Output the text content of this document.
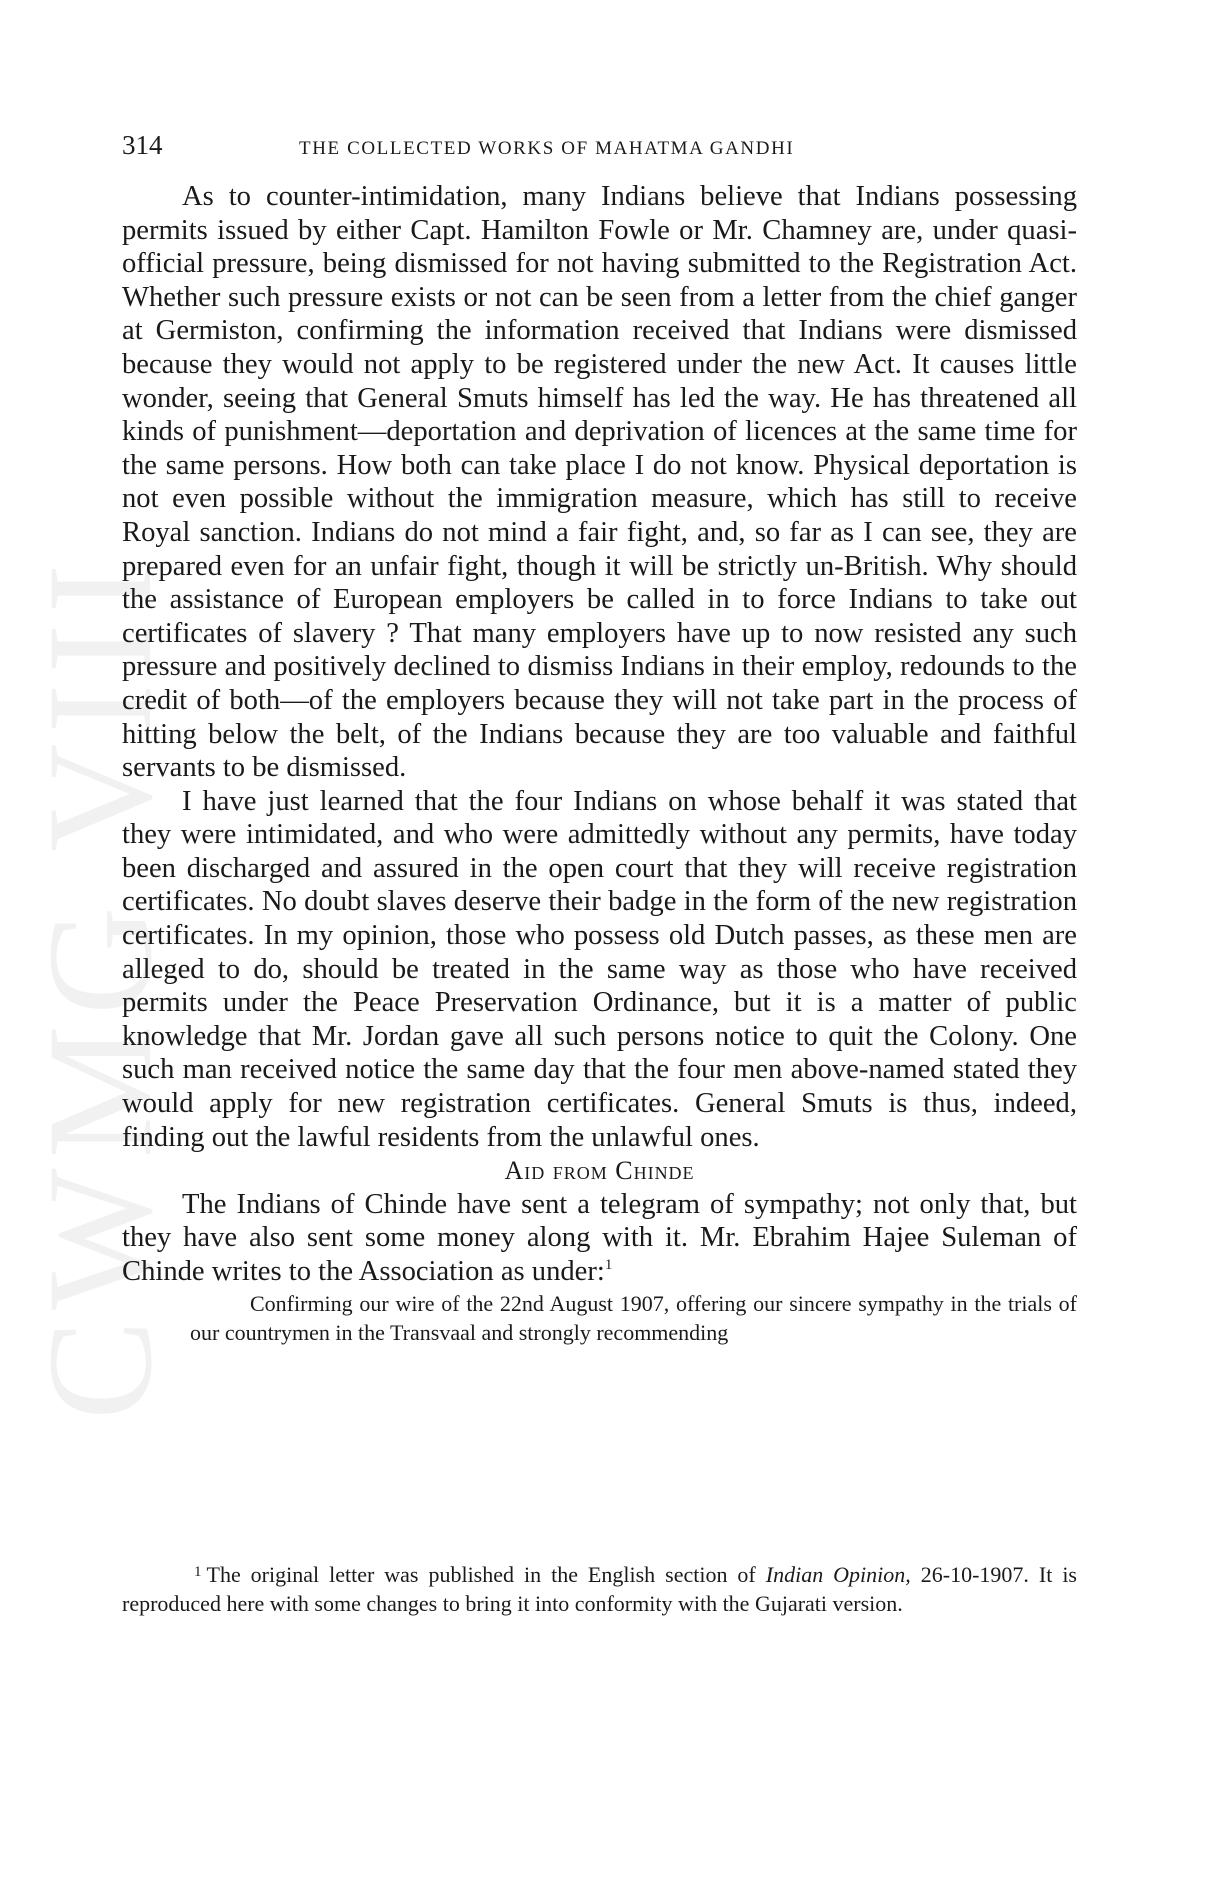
CWMG VIII
314	THE COLLECTED WORKS OF MAHATMA GANDHI

As to counter-intimidation, many Indians believe that Indians possessing permits issued by either Capt. Hamilton Fowle or Mr. Chamney are, under quasi-official pressure, being dismissed for not having submitted to the Registration Act. Whether such pressure exists or not can be seen from a letter from the chief ganger at Germiston, confirming the information received that Indians were dismissed because they would not apply to be registered under the new Act. It causes little wonder, seeing that General Smuts himself has led the way. He has threatened all kinds of punishment—deportation and deprivation of licences at the same time for the same persons. How both can take place I do not know. Physical deportation is not even possible without the immigration measure, which has still to receive Royal sanction. Indians do not mind a fair fight, and, so far as I can see, they are prepared even for an unfair fight, though it will be strictly un-British. Why should the assistance of European employers be called in to force Indians to take out certificates of slavery ? That many employers have up to now resisted any such pressure and positively declined to dismiss Indians in their employ, redounds to the credit of both—of the employers because they will not take part in the process of hitting below the belt, of the Indians because they are too valuable and faithful servants to be dismissed.

I have just learned that the four Indians on whose behalf it was stated that they were intimidated, and who were admittedly without any permits, have today been discharged and assured in the open court that they will receive registration certificates. No doubt slaves deserve their badge in the form of the new registration certificates. In my opinion, those who possess old Dutch passes, as these men are alleged to do, should be treated in the same way as those who have received permits under the Peace Preservation Ordinance, but it is a matter of public knowledge that Mr. Jordan gave all such persons notice to quit the Colony. One such man received notice the same day that the four men above-named stated they would apply for new registration certificates. General Smuts is thus, indeed, finding out the lawful residents from the unlawful ones.

Aid from Chinde

The Indians of Chinde have sent a telegram of sympathy; not only that, but they have also sent some money along with it. Mr. Ebrahim Hajee Suleman of Chinde writes to the Association as under:$^1$

Confirming our wire of the 22nd August 1907, offering our sincere sympathy in the trials of our countrymen in the Transvaal and strongly recommending

1 The original letter was published in the English section of Indian Opinion, 26-10-1907. It is reproduced here with some changes to bring it into conformity with the Gujarati version.
